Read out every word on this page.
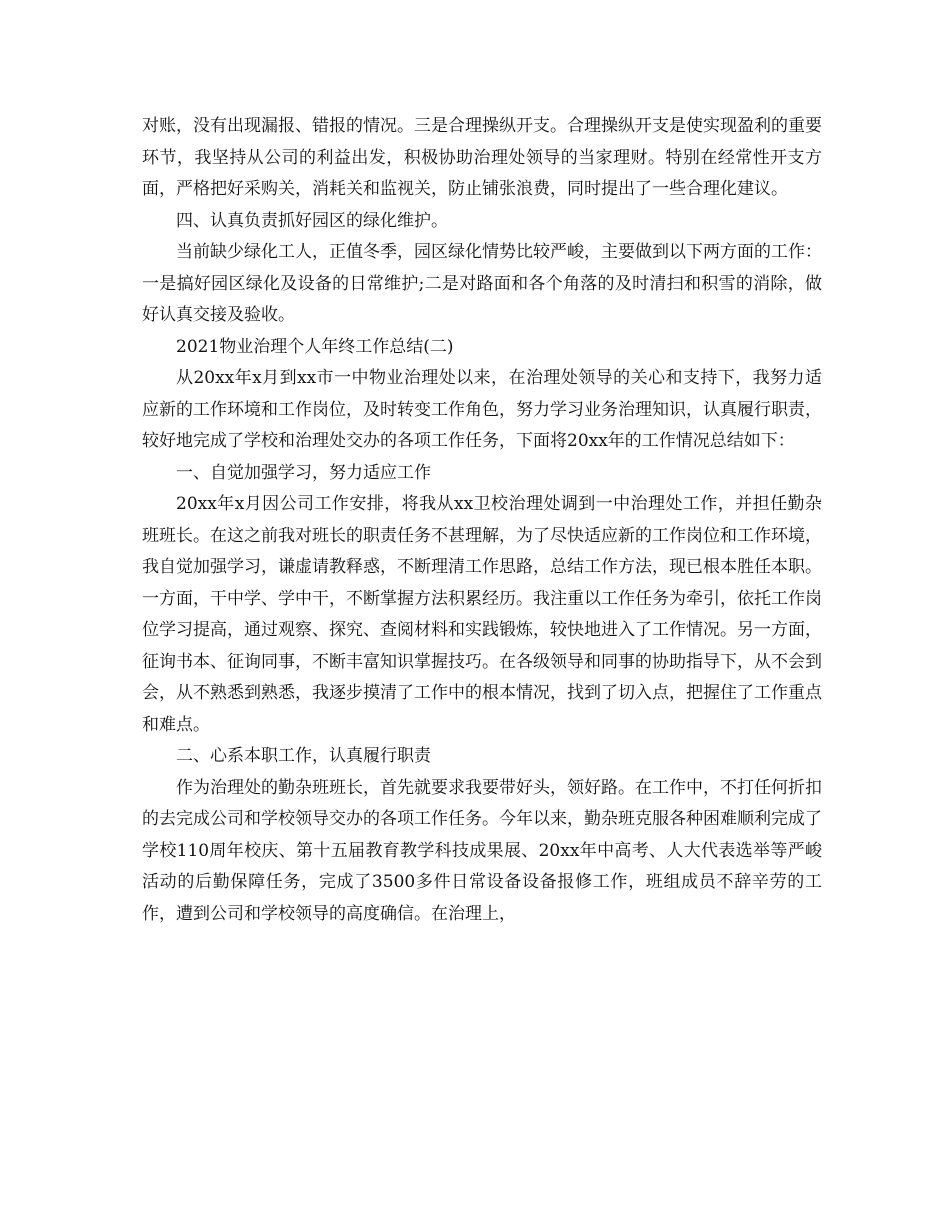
对账，没有出现漏报、错报的情况。三是合理操纵开支。合理操纵开支是使实现盈利的重要环节，我坚持从公司的利益出发，积极协助治理处领导的当家理财。特别在经常性开支方面，严格把好采购关，消耗关和监视关，防止铺张浪费，同时提出了一些合理化建议。

四、认真负责抓好园区的绿化维护。

当前缺少绿化工人，正值冬季，园区绿化情势比较严峻，主要做到以下两方面的工作：一是搞好园区绿化及设备的日常维护;二是对路面和各个角落的及时清扫和积雪的消除，做好认真交接及验收。

2021物业治理个人年终工作总结(二)

从20xx年x月到xx市一中物业治理处以来，在治理处领导的关心和支持下，我努力适应新的工作环境和工作岗位，及时转变工作角色，努力学习业务治理知识，认真履行职责，较好地完成了学校和治理处交办的各项工作任务，下面将20xx年的工作情况总结如下：

一、自觉加强学习，努力适应工作

20xx年x月因公司工作安排，将我从xx卫校治理处调到一中治理处工作，并担任勤杂班班长。在这之前我对班长的职责任务不甚理解，为了尽快适应新的工作岗位和工作环境，我自觉加强学习，谦虚请教释惑，不断理清工作思路，总结工作方法，现已根本胜任本职。一方面，干中学、学中干，不断掌握方法积累经历。我注重以工作任务为牵引，依托工作岗位学习提高，通过观察、探究、查阅材料和实践锻炼，较快地进入了工作情况。另一方面，征询书本、征询同事，不断丰富知识掌握技巧。在各级领导和同事的协助指导下，从不会到会，从不熟悉到熟悉，我逐步摸清了工作中的根本情况，找到了切入点，把握住了工作重点和难点。

二、心系本职工作，认真履行职责

作为治理处的勤杂班班长，首先就要求我要带好头，领好路。在工作中，不打任何折扣的去完成公司和学校领导交办的各项工作任务。今年以来，勤杂班克服各种困难顺利完成了学校110周年校庆、第十五届教育教学科技成果展、20xx年中高考、人大代表选举等严峻活动的后勤保障任务，完成了3500多件日常设备设备报修工作，班组成员不辞辛劳的工作，遭到公司和学校领导的高度确信。在治理上，
